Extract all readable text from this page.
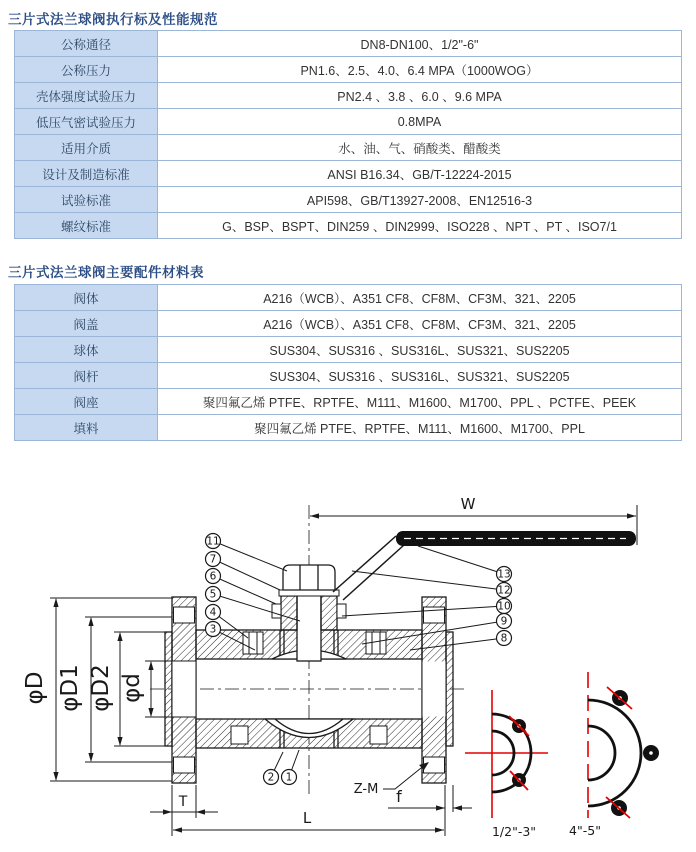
三片式法兰球阀执行标及性能规范
公称通径	DN8-DN100、1/2"-6"
公称压力	PN1.6、2.5、4.0、6.4 MPA（1000WOG）
壳体强度试验压力	PN2.4 、3.8 、6.0 、9.6 MPA
低压气密试验压力	0.8MPA
适用介质	水、油、气、硝酸类、醋酸类
设计及制造标准	ANSI B16.34、GB/T-12224-2015
试验标准	API598、GB/T13927-2008、EN12516-3
螺纹标准	G、BSP、BSPT、DIN259 、DIN2999、ISO228 、NPT 、PT 、ISO7/1
三片式法兰球阀主要配件材料表
阀体	A216（WCB）、A351 CF8、CF8M、CF3M、321、2205
阀盖	A216（WCB）、A351 CF8、CF8M、CF3M、321、2205
球体	SUS304、SUS316 、SUS316L、SUS321、SUS2205
阀杆	SUS304、SUS316 、SUS316L、SUS321、SUS2205
阀座	聚四氟乙烯 PTFE、RPTFE、M111、M1600、M1700、PPL 、PCTFE、PEEK
填料	聚四氟乙烯 PTFE、RPTFE、M111、M1600、M1700、PPL
W
φD φD1 φD2 φd
T
L
f
Z-M
11
7
6
5
4
3
13
12
10
9
8
2 1
1/2"-3"	4"-5"
